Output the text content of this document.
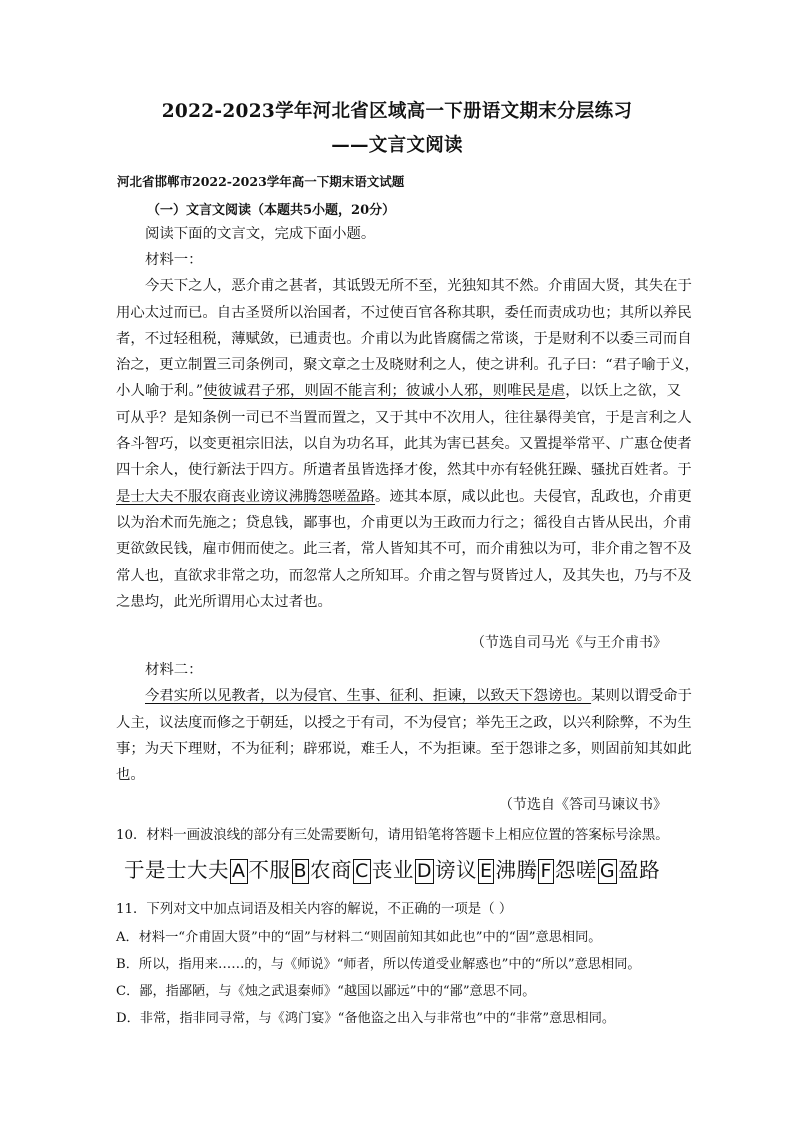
2022-2023学年河北省区域高一下册语文期末分层练习
——文言文阅读
河北省邯郸市2022-2023学年高一下期末语文试题
（一）文言文阅读（本题共5小题，20分）
阅读下面的文言文，完成下面小题。
材料一：
今天下之人，恶介甫之甚者，其诋毁无所不至，光独知其不然。介甫固大贤，其失在于
用心太过而已。自古圣贤所以治国者，不过使百官各称其职，委任而责成功也；其所以养民
者，不过轻租税，薄赋敛，已逋责也。介甫以为此皆腐儒之常谈，于是财利不以委三司而自
治之，更立制置三司条例司，聚文章之士及晓财利之人，使之讲利。孔子曰：“君子喻于义，
小人喻于利。”使彼诚君子邪，则固不能言利；彼诚小人邪，则唯民是虐，以饫上之欲，又
可从乎？是知条例一司已不当置而置之，又于其中不次用人，往往暴得美官，于是言利之人
各斗智巧，以变更祖宗旧法，以自为功名耳，此其为害已甚矣。又置提举常平、广惠仓使者
四十余人，使行新法于四方。所遣者虽皆选择才俊，然其中亦有轻佻狂躁、骚扰百姓者。于
是士大夫不服农商丧业谤议沸腾怨嗟盈路。迹其本原，咸以此也。夫侵官，乱政也，介甫更
以为治术而先施之；贷息钱，鄙事也，介甫更以为王政而力行之；徭役自古皆从民出，介甫
更欲敛民钱，雇市佣而使之。此三者，常人皆知其不可，而介甫独以为可，非介甫之智不及
常人也，直欲求非常之功，而忽常人之所知耳。介甫之智与贤皆过人，及其失也，乃与不及
之患均，此光所谓用心太过者也。
（节选自司马光《与王介甫书》
材料二：
今君实所以见教者，以为侵官、生事、征利、拒谏，以致天下怨谤也。某则以谓受命于
人主，议法度而修之于朝廷，以授之于有司，不为侵官；举先王之政，以兴利除弊，不为生
事；为天下理财，不为征利；辟邪说，难壬人，不为拒谏。至于怨诽之多，则固前知其如此
也。
（节选自《答司马谏议书》
10．材料一画波浪线的部分有三处需要断句，请用铅笔将答题卡上相应位置的答案标号涂黑。
于是士大夫 A 不服 B 农商 C 丧业 D 谤议 E 沸腾 F 怨嗟 G 盈路
11．下列对文中加点词语及相关内容的解说，不正确的一项是（ ）
A．材料一“介甫固大贤”中的“固”与材料二“则固前知其如此也”中的“固”意思相同。
B．所以，指用来……的，与《师说》“师者，所以传道受业解惑也”中的“所以”意思相同。
C．鄙，指鄙陋，与《烛之武退秦师》“越国以鄙远”中的“鄙”意思不同。
D．非常，指非同寻常，与《鸿门宴》“备他盗之出入与非常也”中的“非常”意思相同。
